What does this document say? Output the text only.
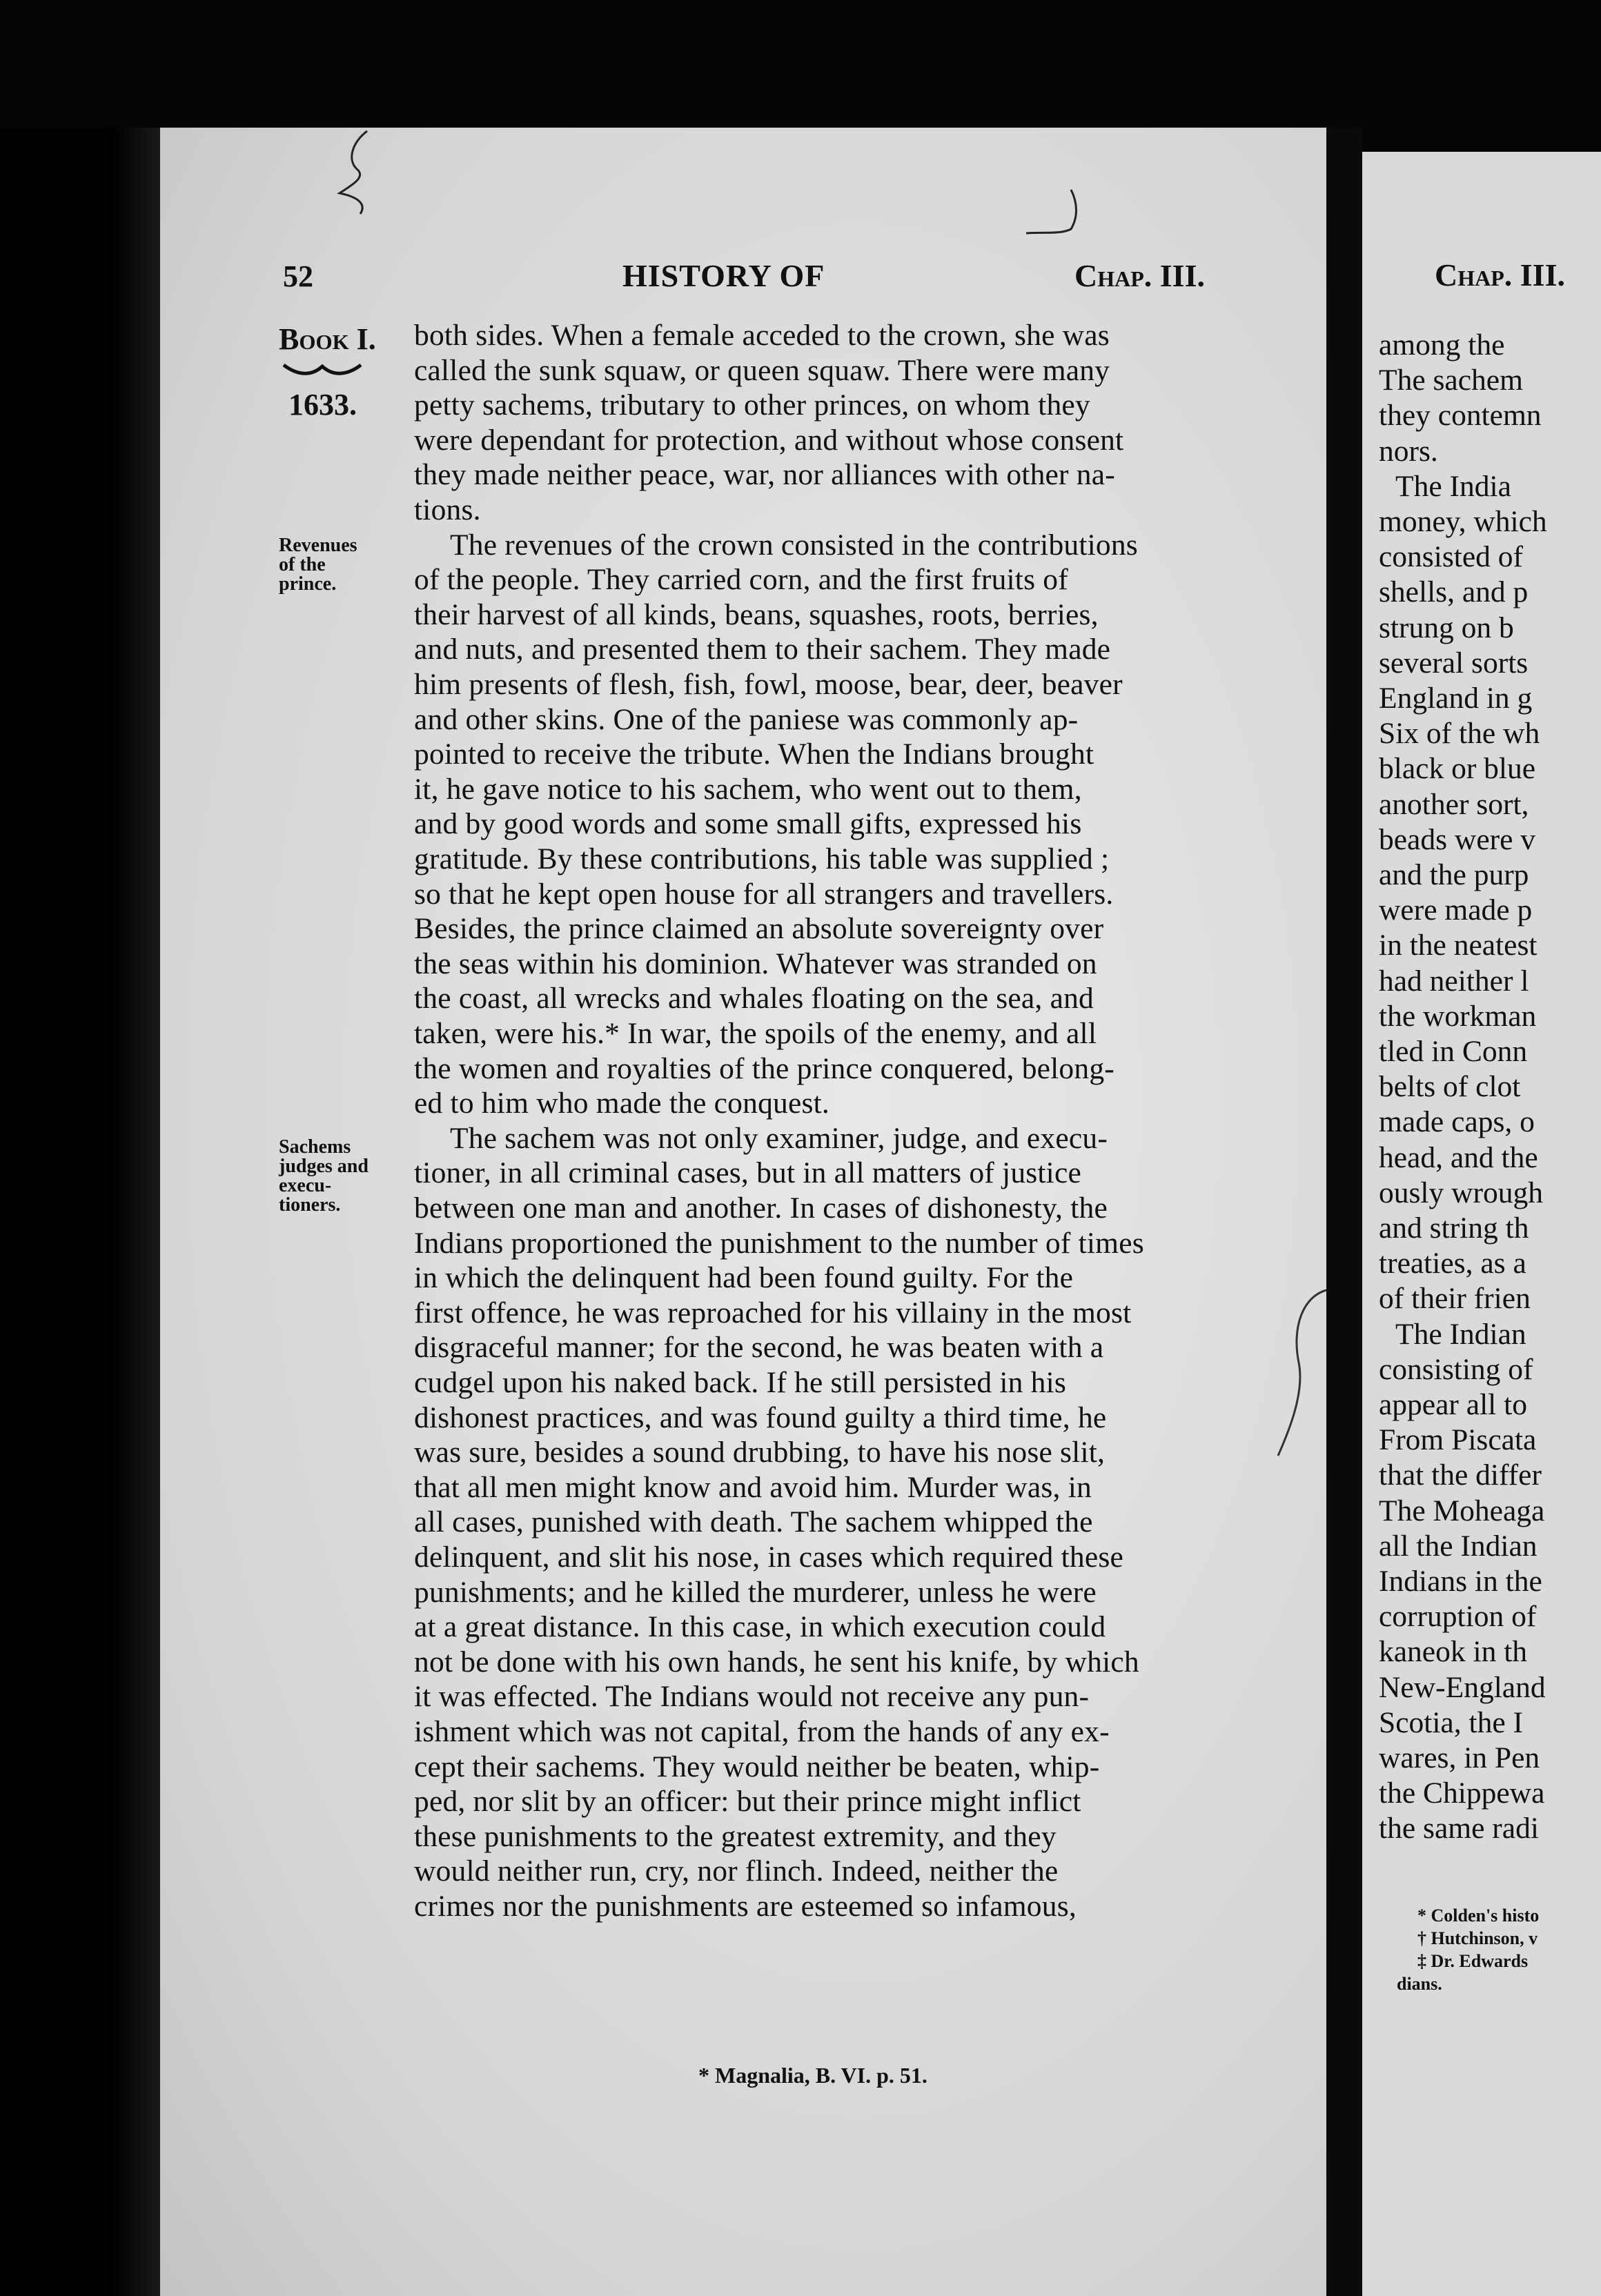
52	HISTORY OF	Chap. III.
Book I.
1633.
Revenues
of the
prince.
Sachems
judges and
execu-
tioners.
both sides. When a female acceded to the crown, she was
called the sunk squaw, or queen squaw. There were many
petty sachems, tributary to other princes, on whom they
were dependant for protection, and without whose consent
they made neither peace, war, nor alliances with other na-
tions.
The revenues of the crown consisted in the contributions
of the people. They carried corn, and the first fruits of
their harvest of all kinds, beans, squashes, roots, berries,
and nuts, and presented them to their sachem. They made
him presents of flesh, fish, fowl, moose, bear, deer, beaver
and other skins. One of the paniese was commonly ap-
pointed to receive the tribute. When the Indians brought
it, he gave notice to his sachem, who went out to them,
and by good words and some small gifts, expressed his
gratitude. By these contributions, his table was supplied ;
so that he kept open house for all strangers and travellers.
Besides, the prince claimed an absolute sovereignty over
the seas within his dominion. Whatever was stranded on
the coast, all wrecks and whales floating on the sea, and
taken, were his.* In war, the spoils of the enemy, and all
the women and royalties of the prince conquered, belong-
ed to him who made the conquest.
The sachem was not only examiner, judge, and execu-
tioner, in all criminal cases, but in all matters of justice
between one man and another. In cases of dishonesty, the
Indians proportioned the punishment to the number of times
in which the delinquent had been found guilty. For the
first offence, he was reproached for his villainy in the most
disgraceful manner; for the second, he was beaten with a
cudgel upon his naked back. If he still persisted in his
dishonest practices, and was found guilty a third time, he
was sure, besides a sound drubbing, to have his nose slit,
that all men might know and avoid him. Murder was, in
all cases, punished with death. The sachem whipped the
delinquent, and slit his nose, in cases which required these
punishments; and he killed the murderer, unless he were
at a great distance. In this case, in which execution could
not be done with his own hands, he sent his knife, by which
it was effected. The Indians would not receive any pun-
ishment which was not capital, from the hands of any ex-
cept their sachems. They would neither be beaten, whip-
ped, nor slit by an officer: but their prince might inflict
these punishments to the greatest extremity, and they
would neither run, cry, nor flinch. Indeed, neither the
crimes nor the punishments are esteemed so infamous,
* Magnalia, B. VI. p. 51.
Chap. III.
among the
The sachem
they contemn
nors.
The India
money, which
consisted of
shells, and p
strung on b
several sorts
England in g
Six of the wh
black or blue
another sort,
beads were v
and the purp
were made p
in the neatest
had neither l
the workman
tled in Conn
belts of clot
made caps, o
head, and the
ously wrough
and string th
treaties, as a
of their frien
The Indian
consisting of
appear all to
From Piscata
that the differ
The Moheaga
all the Indian
Indians in the
corruption of
kaneok in th
New-England
Scotia, the I
wares, in Pen
the Chippewa
the same radi
* Colden's histo
† Hutchinson, v
‡ Dr. Edwards
dians.
